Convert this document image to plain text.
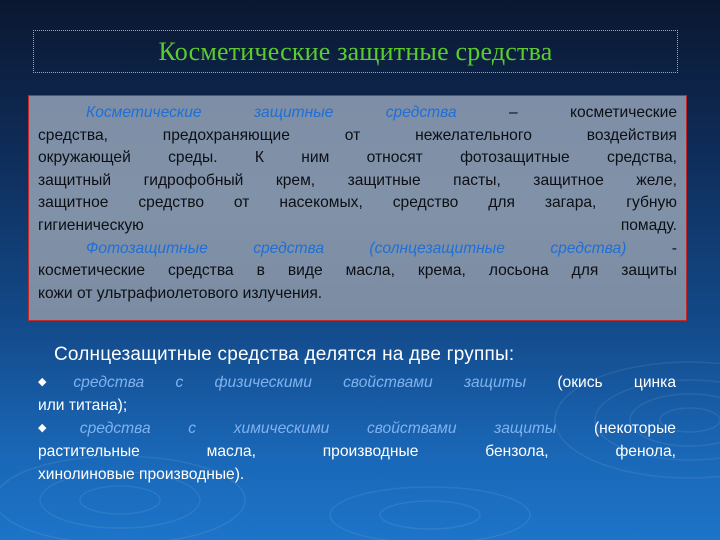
Косметические защитные средства
Косметические защитные средства – косметические
средства, предохраняющие от нежелательного воздействия
окружающей среды. К ним относят фотозащитные средства,
защитный гидрофобный крем, защитные пасты, защитное желе,
защитное средство от насекомых, средство для загара, губную
гигиеническую помаду.
Фотозащитные средства (солнцезащитные средства) -
косметические средства в виде масла, крема, лосьона для защиты
кожи от ультрафиолетового излучения.
Солнцезащитные средства делятся на две группы:
◆средства с физическими свойствами защиты (окись цинка
или титана);
◆средства с химическими свойствами защиты (некоторые
растительные масла, производные бензола, фенола,
хинолиновые производные).
